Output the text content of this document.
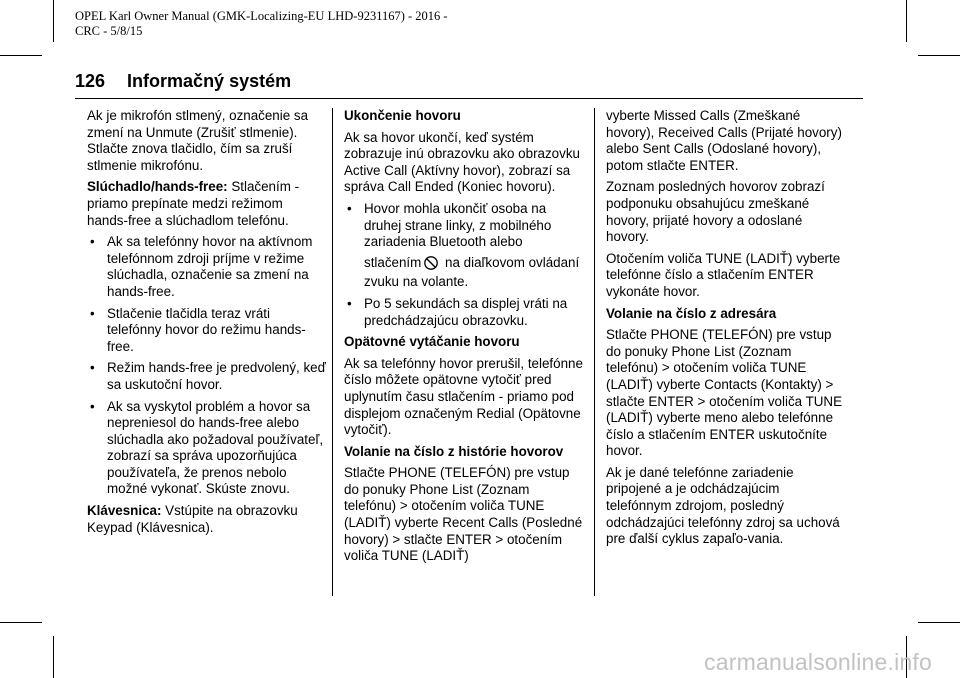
OPEL Karl Owner Manual (GMK-Localizing-EU LHD-9231167) - 2016 -
CRC - 5/8/15
126 Informačný systém

Ak je mikrofón stlmený, označenie sa zmení na Unmute (Zrušiť stlmenie). Stlačte znova tlačidlo, čím sa zruší stlmenie mikrofónu.

Slúchadlo/hands-free: Stlačením - priamo prepínate medzi režimom hands-free a slúchadlom telefónu.

• Ak sa telefónny hovor na aktívnom telefónnom zdroji príjme v režime slúchadla, označenie sa zmení na hands-free.
• Stlačenie tlačidla teraz vráti telefónny hovor do režimu hands-free.
• Režim hands-free je predvolený, keď sa uskutoční hovor.
• Ak sa vyskytol problém a hovor sa nepreniesol do hands-free alebo slúchadla ako požadoval používateľ, zobrazí sa správa upozorňujúca používateľa, že prenos nebolo možné vykonať. Skúste znovu.

Klávesnica: Vstúpite na obrazovku Keypad (Klávesnica).

Ukončenie hovoru

Ak sa hovor ukončí, keď systém zobrazuje inú obrazovku ako obrazovku Active Call (Aktívny hovor), zobrazí sa správa Call Ended (Koniec hovoru).

• Hovor mohla ukončiť osoba na druhej strane linky, z mobilného zariadenia Bluetooth alebo
stlačením na diaľkovom ovládaní zvuku na volante.
• Po 5 sekundách sa displej vráti na predchádzajúcu obrazovku.

Opätovné vytáčanie hovoru

Ak sa telefónny hovor prerušil, telefónne číslo môžete opätovne vytočiť pred uplynutím času stlačením - priamo pod displejom označeným Redial (Opätovne vytočiť).

Volanie na číslo z histórie hovorov

Stlačte PHONE (TELEFÓN) pre vstup do ponuky Phone List (Zoznam telefónu) > otočením voliča TUNE (LADIŤ) vyberte Recent Calls (Posledné hovory) > stlačte ENTER > otočením voliča TUNE (LADIŤ)

vyberte Missed Calls (Zmeškané hovory), Received Calls (Prijaté hovory) alebo Sent Calls (Odoslané hovory), potom stlačte ENTER.

Zoznam posledných hovorov zobrazí podponuku obsahujúcu zmeškané hovory, prijaté hovory a odoslané hovory.

Otočením voliča TUNE (LADIŤ) vyberte telefónne číslo a stlačením ENTER vykonáte hovor.

Volanie na číslo z adresára

Stlačte PHONE (TELEFÓN) pre vstup do ponuky Phone List (Zoznam telefónu) > otočením voliča TUNE (LADIŤ) vyberte Contacts (Kontakty) > stlačte ENTER > otočením voliča TUNE (LADIŤ) vyberte meno alebo telefónne číslo a stlačením ENTER uskutočníte hovor.

Ak je dané telefónne zariadenie pripojené a je odchádzajúcim telefónnym zdrojom, posledný odchádzajúci telefónny zdroj sa uchová pre ďalší cyklus zapaľo-vania.

carmanualsonline.info
